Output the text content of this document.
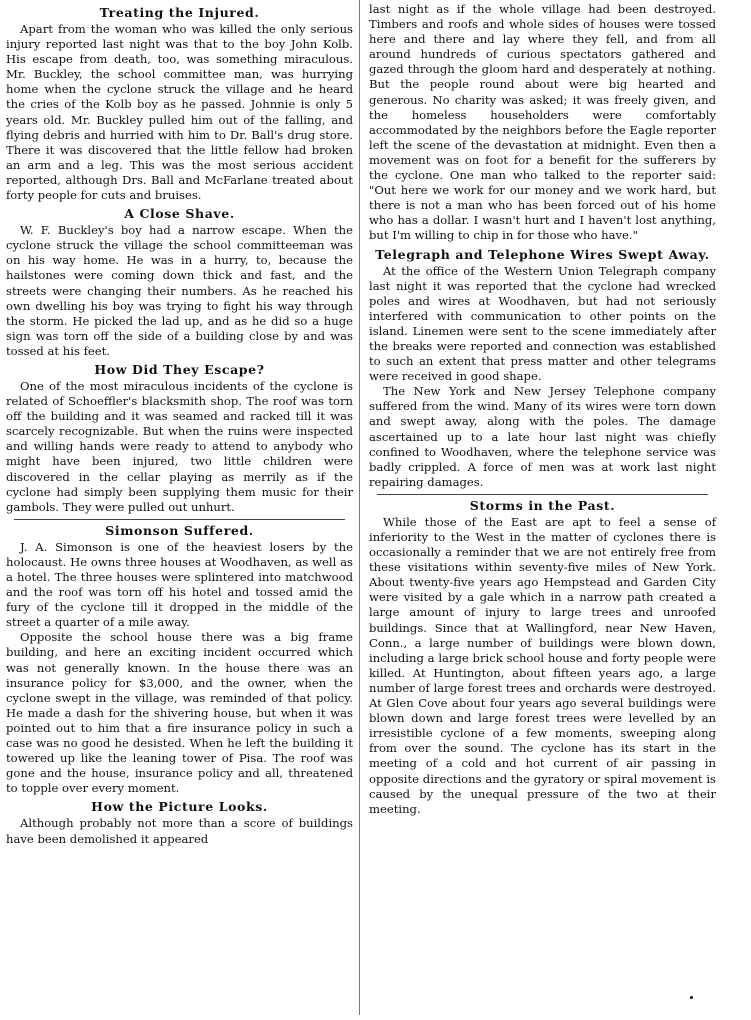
Treating the Injured.

Apart from the woman who was killed the only serious injury reported last night was that to the boy John Kolb. His escape from death, too, was something miraculous. Mr. Buckley, the school committee man, was hurrying home when the cyclone struck the village and he heard the cries of the Kolb boy as he passed. Johnnie is only 5 years old. Mr. Buckley pulled him out of the falling, and flying debris and hurried with him to Dr. Ball's drug store. There it was discovered that the little fellow had broken an arm and a leg. This was the most serious accident reported, although Drs. Ball and McFarlane treated about forty people for cuts and bruises.

A Close Shave.

W. F. Buckley's boy had a narrow escape. When the cyclone struck the village the school committeeman was on his way home. He was in a hurry, to, because the hailstones were coming down thick and fast, and the streets were changing their numbers. As he reached his own dwelling his boy was trying to fight his way through the storm. He picked the lad up, and as he did so a huge sign was torn off the side of a building close by and was tossed at his feet.

How Did They Escape?

One of the most miraculous incidents of the cyclone is related of Schoeffler's blacksmith shop. The roof was torn off the building and it was seamed and racked till it was scarcely recognizable. But when the ruins were inspected and willing hands were ready to attend to anybody who might have been injured, two little children were discovered in the cellar playing as merrily as if the cyclone had simply been supplying them music for their gambols. They were pulled out unhurt.

Simonson Suffered.

J. A. Simonson is one of the heaviest losers by the holocaust. He owns three houses at Woodhaven, as well as a hotel. The three houses were splintered into matchwood and the roof was torn off his hotel and tossed amid the fury of the cyclone till it dropped in the middle of the street a quarter of a mile away.

Opposite the school house there was a big frame building, and here an exciting incident occurred which was not generally known. In the house there was an insurance policy for $3,000, and the owner, when the cyclone swept in the village, was reminded of that policy. He made a dash for the shivering house, but when it was pointed out to him that a fire insurance policy in such a case was no good he desisted. When he left the building it towered up like the leaning tower of Pisa. The roof was gone and the house, insurance policy and all, threatened to topple over every moment.

How the Picture Looks.

Although probably not more than a score of buildings have been demolished it appeared

last night as if the whole village had been destroyed. Timbers and roofs and whole sides of houses were tossed here and there and lay where they fell, and from all around hundreds of curious spectators gathered and gazed through the gloom hard and desperately at nothing. But the people round about were big hearted and generous. No charity was asked; it was freely given, and the homeless householders were comfortably accommodated by the neighbors before the Eagle reporter left the scene of the devastation at midnight. Even then a movement was on foot for a benefit for the sufferers by the cyclone. One man who talked to the reporter said: "Out here we work for our money and we work hard, but there is not a man who has been forced out of his home who has a dollar. I wasn't hurt and I haven't lost anything, but I'm willing to chip in for those who have."

Telegraph and Telephone Wires Swept Away.

At the office of the Western Union Telegraph company last night it was reported that the cyclone had wrecked poles and wires at Woodhaven, but had not seriously interfered with communication to other points on the island. Linemen were sent to the scene immediately after the breaks were reported and connection was established to such an extent that press matter and other telegrams were received in good shape.

The New York and New Jersey Telephone company suffered from the wind. Many of its wires were torn down and swept away, along with the poles. The damage ascertained up to a late hour last night was chiefly confined to Woodhaven, where the telephone service was badly crippled. A force of men was at work last night repairing damages.

Storms in the Past.

While those of the East are apt to feel a sense of inferiority to the West in the matter of cyclones there is occasionally a reminder that we are not entirely free from these visitations within seventy-five miles of New York. About twenty-five years ago Hempstead and Garden City were visited by a gale which in a narrow path created a large amount of injury to large trees and unroofed buildings. Since that at Wallingford, near New Haven, Conn., a large number of buildings were blown down, including a large brick school house and forty people were killed. At Huntington, about fifteen years ago, a large number of large forest trees and orchards were destroyed. At Glen Cove about four years ago several buildings were blown down and large forest trees were levelled by an irresistible cyclone of a few moments, sweeping along from over the sound. The cyclone has its start in the meeting of a cold and hot current of air passing in opposite directions and the gyratory or spiral movement is caused by the unequal pressure of the two at their meeting.
